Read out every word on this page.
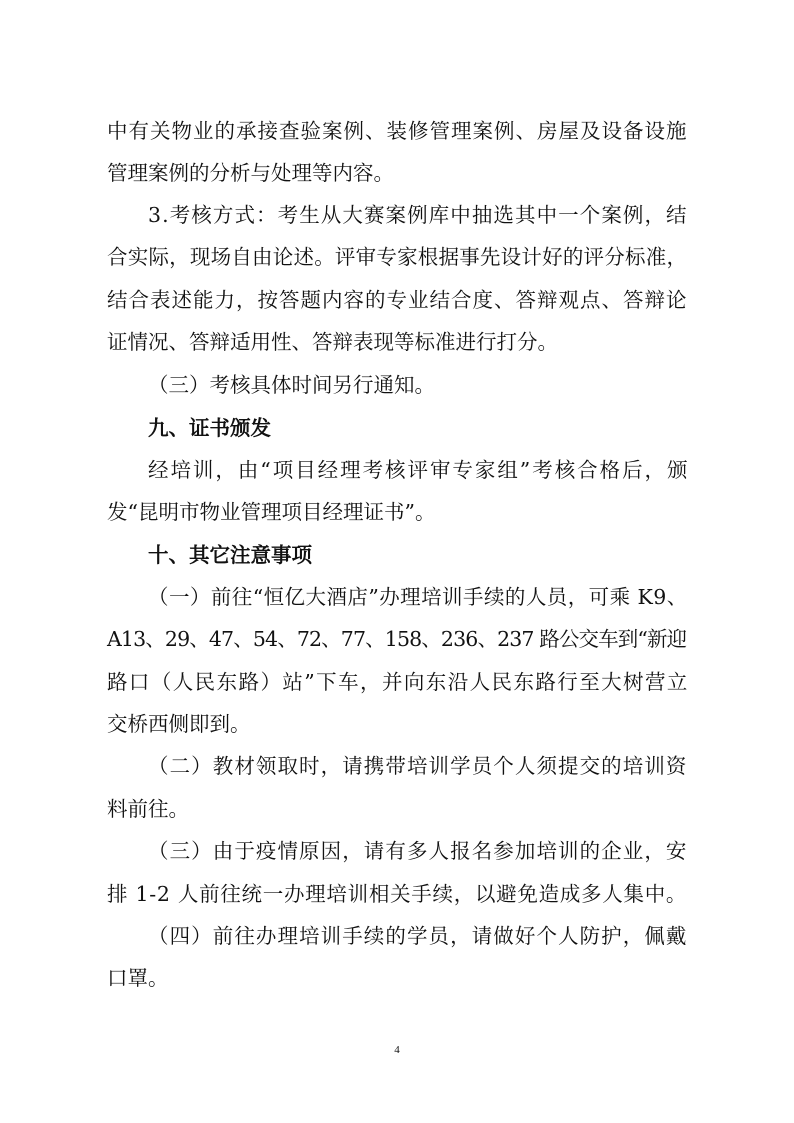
中有关物业的承接查验案例、装修管理案例、房屋及设备设施

管理案例的分析与处理等内容。

3.考核方式：考生从大赛案例库中抽选其中一个案例，结

合实际，现场自由论述。评审专家根据事先设计好的评分标准，

结合表述能力，按答题内容的专业结合度、答辩观点、答辩论

证情况、答辩适用性、答辩表现等标准进行打分。

（三）考核具体时间另行通知。

九、证书颁发

经培训，由“项目经理考核评审专家组”考核合格后，颁

发“昆明市物业管理项目经理证书”。

十、其它注意事项

（一）前往“恒亿大酒店”办理培训手续的人员，可乘 K9、

A13、29、47、54、72、77、158、236、237 路公交车到“新迎

路口（人民东路）站”下车，并向东沿人民东路行至大树营立

交桥西侧即到。

（二）教材领取时，请携带培训学员个人须提交的培训资

料前往。

（三）由于疫情原因，请有多人报名参加培训的企业，安

排 1-2 人前往统一办理培训相关手续，以避免造成多人集中。

（四）前往办理培训手续的学员，请做好个人防护，佩戴

口罩。

4
